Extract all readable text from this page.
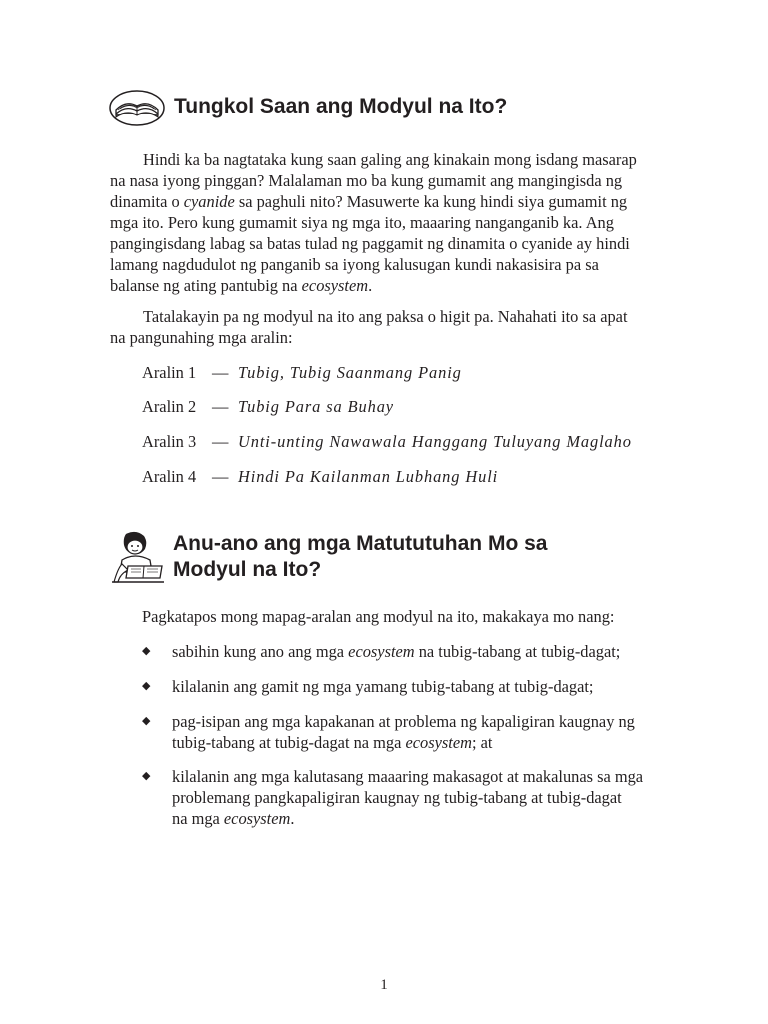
Tungkol Saan ang Modyul na Ito?
Hindi ka ba nagtataka kung saan galing ang kinakain mong isdang masarap
na nasa iyong pinggan? Malalaman mo ba kung gumamit ang mangingisda ng
dinamita o cyanide sa paghuli nito? Masuwerte ka kung hindi siya gumamit ng
mga ito. Pero kung gumamit siya ng mga ito, maaaring nanganganib ka. Ang
pangingisdang labag sa batas tulad ng paggamit ng dinamita o cyanide ay hindi
lamang nagdudulot ng panganib sa iyong kalusugan kundi nakasisira pa sa
balanse ng ating pantubig na ecosystem.
Tatalakayin pa ng modyul na ito ang paksa o higit pa. Nahahati ito sa apat
na pangunahing mga aralin:
Aralin 1 — Tubig, Tubig Saanmang Panig
Aralin 2 — Tubig Para sa Buhay
Aralin 3 — Unti-unting Nawawala Hanggang Tuluyang Maglaho
Aralin 4 — Hindi Pa Kailanman Lubhang Huli
Anu-ano ang mga Matututuhan Mo sa
Modyul na Ito?
Pagkatapos mong mapag-aralan ang modyul na ito, makakaya mo nang:
◆ sabihin kung ano ang mga ecosystem na tubig-tabang at tubig-dagat;
◆ kilalanin ang gamit ng mga yamang tubig-tabang at tubig-dagat;
◆ pag-isipan ang mga kapakanan at problema ng kapaligiran kaugnay ng
tubig-tabang at tubig-dagat na mga ecosystem; at
◆ kilalanin ang mga kalutasang maaaring makasagot at makalunas sa mga
problemang pangkapaligiran kaugnay ng tubig-tabang at tubig-dagat
na mga ecosystem.
1
